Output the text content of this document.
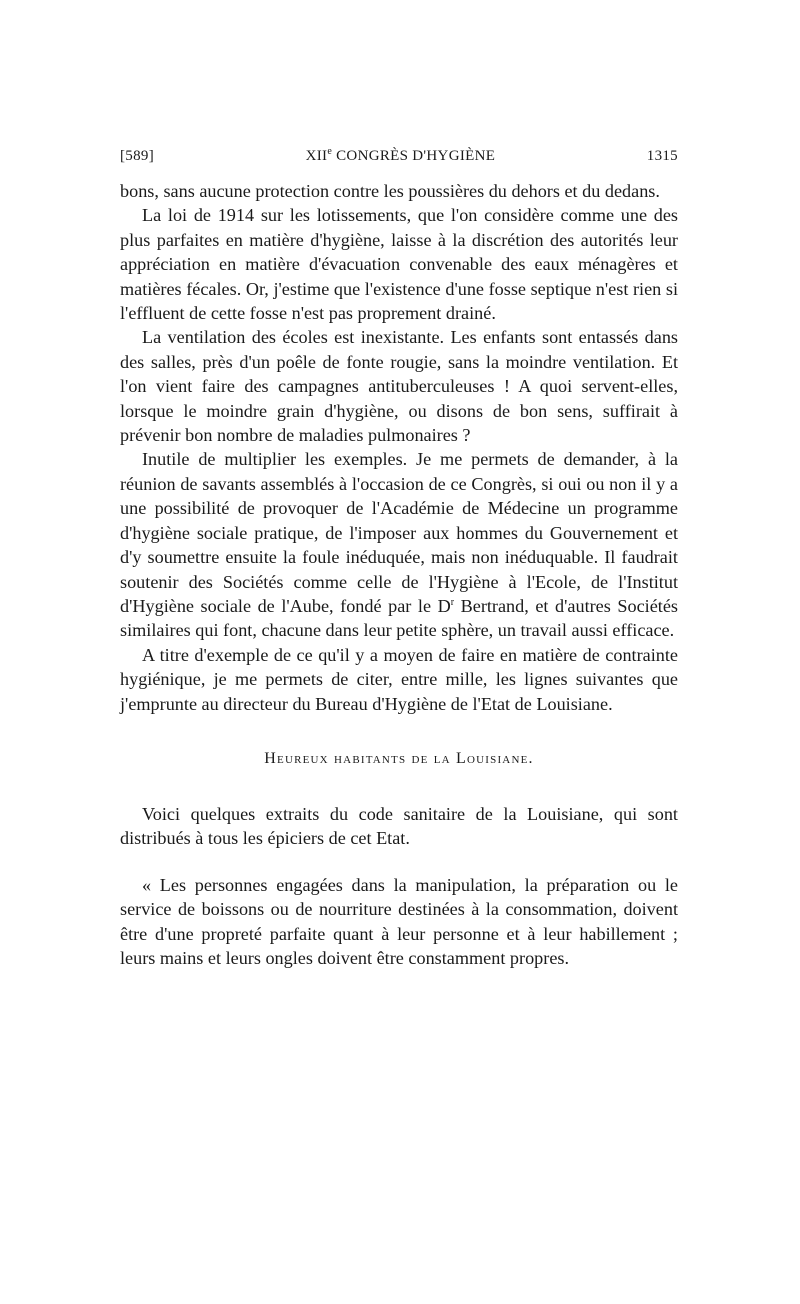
[589]	XIIe CONGRÈS D'HYGIÈNE	1315

bons, sans aucune protection contre les poussières du dehors et du dedans.

La loi de 1914 sur les lotissements, que l'on considère comme une des plus parfaites en matière d'hygiène, laisse à la discrétion des autorités leur appréciation en matière d'évacuation convenable des eaux ménagères et matières fécales. Or, j'estime que l'existence d'une fosse septique n'est rien si l'effluent de cette fosse n'est pas proprement drainé.

La ventilation des écoles est inexistante. Les enfants sont entassés dans des salles, près d'un poêle de fonte rougie, sans la moindre ventilation. Et l'on vient faire des campagnes antituberculeuses ! A quoi servent-elles, lorsque le moindre grain d'hygiène, ou disons de bon sens, suffirait à prévenir bon nombre de maladies pulmonaires ?

Inutile de multiplier les exemples. Je me permets de demander, à la réunion de savants assemblés à l'occasion de ce Congrès, si oui ou non il y a une possibilité de provoquer de l'Académie de Médecine un programme d'hygiène sociale pratique, de l'imposer aux hommes du Gouvernement et d'y soumettre ensuite la foule inéduquée, mais non inéduquable. Il faudrait soutenir des Sociétés comme celle de l'Hygiène à l'Ecole, de l'Institut d'Hygiène sociale de l'Aube, fondé par le $D^r$ Bertrand, et d'autres Sociétés similaires qui font, chacune dans leur petite sphère, un travail aussi efficace.

A titre d'exemple de ce qu'il y a moyen de faire en matière de contrainte hygiénique, je me permets de citer, entre mille, les lignes suivantes que j'emprunte au directeur du Bureau d'Hygiène de l'Etat de Louisiane.

Heureux habitants de la Louisiane.

Voici quelques extraits du code sanitaire de la Louisiane, qui sont distribués à tous les épiciers de cet Etat.

« Les personnes engagées dans la manipulation, la préparation ou le service de boissons ou de nourriture destinées à la consommation, doivent être d'une propreté parfaite quant à leur personne et à leur habillement ; leurs mains et leurs ongles doivent être constamment propres.
